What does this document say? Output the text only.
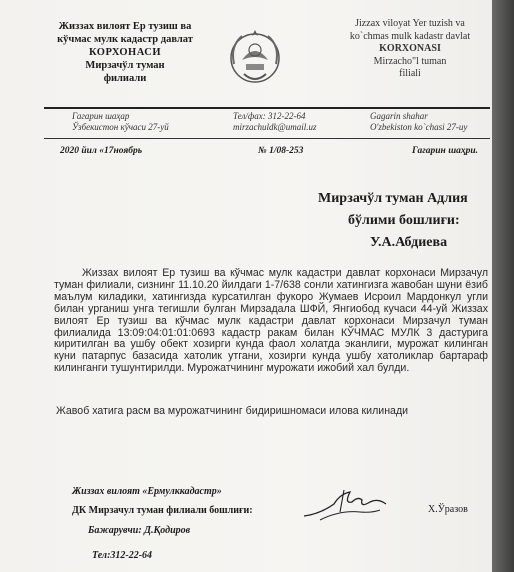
Жиззах вилоят Ер тузиш ва
кўчмас мулк кадастр давлат
КОРХОНАСИ
Мирзачўл туман
филиали
Jizzax viloyat Yer tuzish va
ko`chmas mulk kadastr davlat
KORXONASI
Mirzacho"l tuman
filiali
Гагарин шаҳар
Ўзбекистон кўчаси 27-уй
Тел/фах: 312-22-64
mirzachuldk@umail.uz
Gagarin shahar
O'zbekiston ko`chasi 27-uy
2020 йил «17ноябрь	№ 1/08-253	Гагарин шаҳри.
Мирзачўл туман Адлия
бўлими бошлиғи:
У.А.Абдиева
Жиззах вилоят Ер тузиш ва кўчмас мулк кадастри давлат корхонаси Мирзачул туман филиали, сизнинг 11.10.20 йилдаги 1-7/638 сонли хатингизга жавобан шуни ёзиб маълум киладики, хатингизда курсатилган фукоро Жумаев Исроил Мардонкул угли билан урганиш унга тегишли булган Мирзадала ШФЙ, Янгиобод кучаси 44-уй Жиззах вилоят Ер тузиш ва кўчмас мулк кадастри давлат корхонаси Мирзачул туман филиалида 13:09:04:01:01:0693 кадастр ракам билан КЎЧМАС МУЛК 3 дастурига киритилган ва ушбу обект хозирги кунда фаол холатда эканлиги, мурожат килинган куни патарпус базасида хатолик утгани, хозирги кунда ушбу хатоликлар бартараф килинганги тушунтирилди. Мурожатчининг мурожати ижобий хал булди.
Жавоб хатига раcм ва мурожатчининг бидиришномаси илова килинади
Жиззах вилоят «Ермулккадастр»
ДК Мирзачул туман филиали бошлиғи:	Х.Ўразов
Бажарувчи: Д.Қодиров
Тел:312-22-64
